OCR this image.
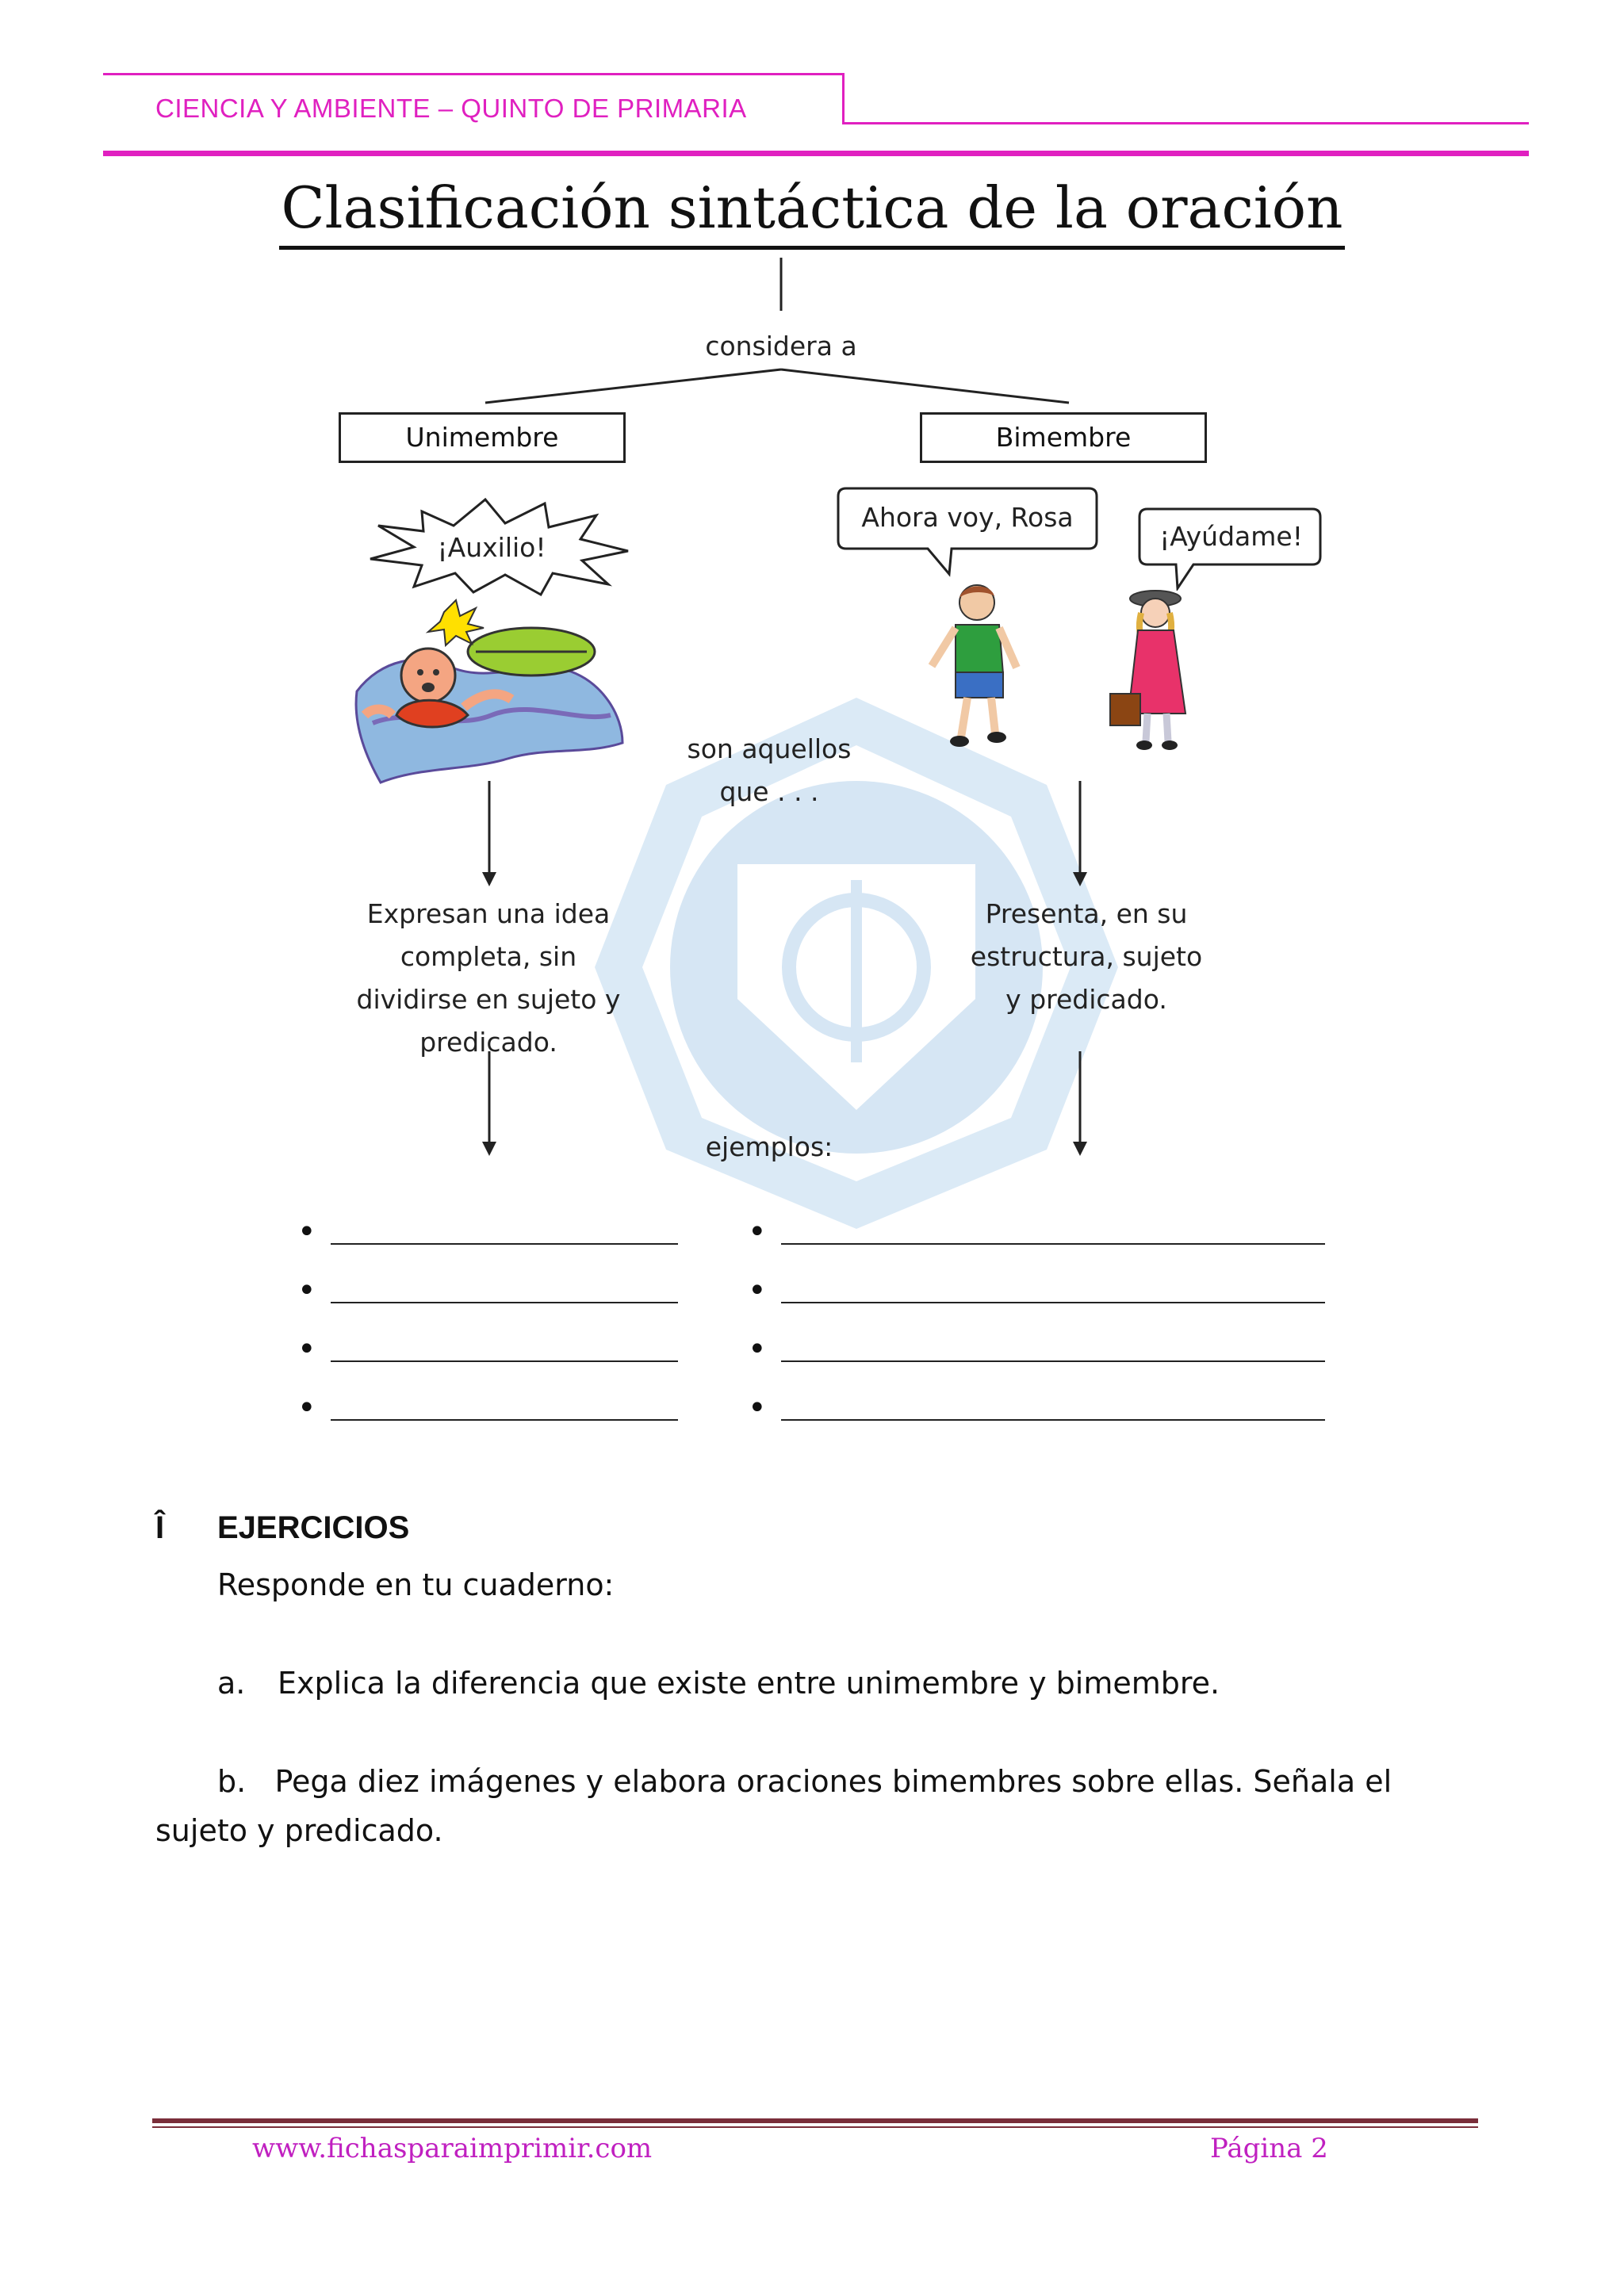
CIENCIA Y AMBIENTE – QUINTO DE PRIMARIA
Clasificación sintáctica de la oración
considera a
Unimembre	Bimembre
¡Auxilio!
Ahora voy, Rosa
¡Ayúdame!
son aquellos que . . .
Expresan una idea completa, sin dividirse en sujeto y predicado.
Presenta, en su estructura, sujeto y predicado.
ejemplos:
•
•
•
•
•
•
•
•
Î EJERCICIOS
Responde en tu cuaderno:
a. Explica la diferencia que existe entre unimembre y bimembre.
b. Pega diez imágenes y elabora oraciones bimembres sobre ellas. Señala el sujeto y predicado.
www.fichasparaimprimir.com	Página 2
